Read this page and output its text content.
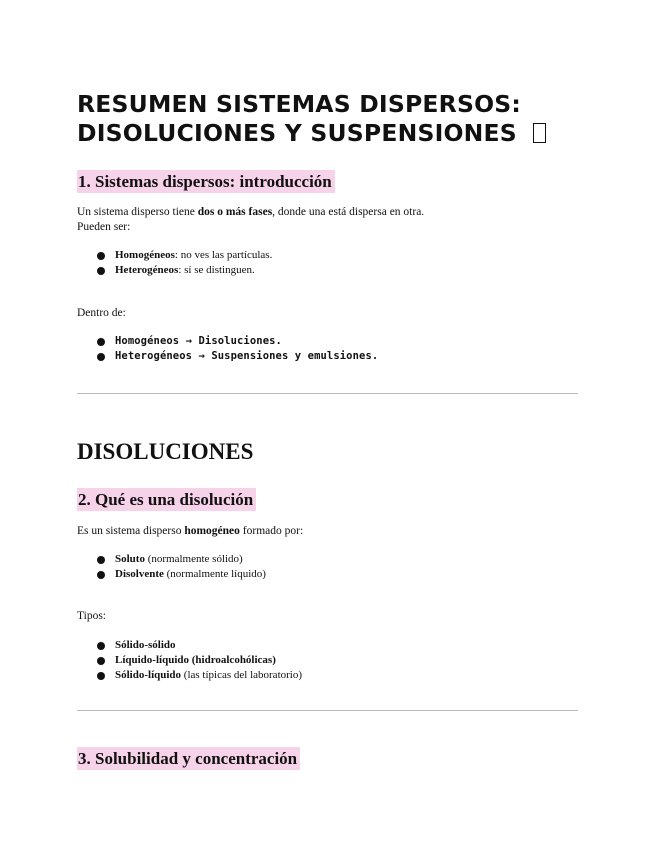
RESUMEN SISTEMAS DISPERSOS:
DISOLUCIONES Y SUSPENSIONES
1. Sistemas dispersos: introducción

Un sistema disperso tiene dos o más fases, donde una está dispersa en otra.
Pueden ser:

Homogéneos: no ves las partículas.
Heterogéneos: sí se distinguen.

Dentro de:

Homogéneos → Disoluciones.
Heterogéneos → Suspensiones y emulsiones.
DISOLUCIONES
2. Qué es una disolución

Es un sistema disperso homogéneo formado por:

Soluto (normalmente sólido)
Disolvente (normalmente líquido)

Tipos:

Sólido-sólido
Líquido-líquido (hidroalcohólicas)
Sólido-líquido (las típicas del laboratorio)
3. Solubilidad y concentración
